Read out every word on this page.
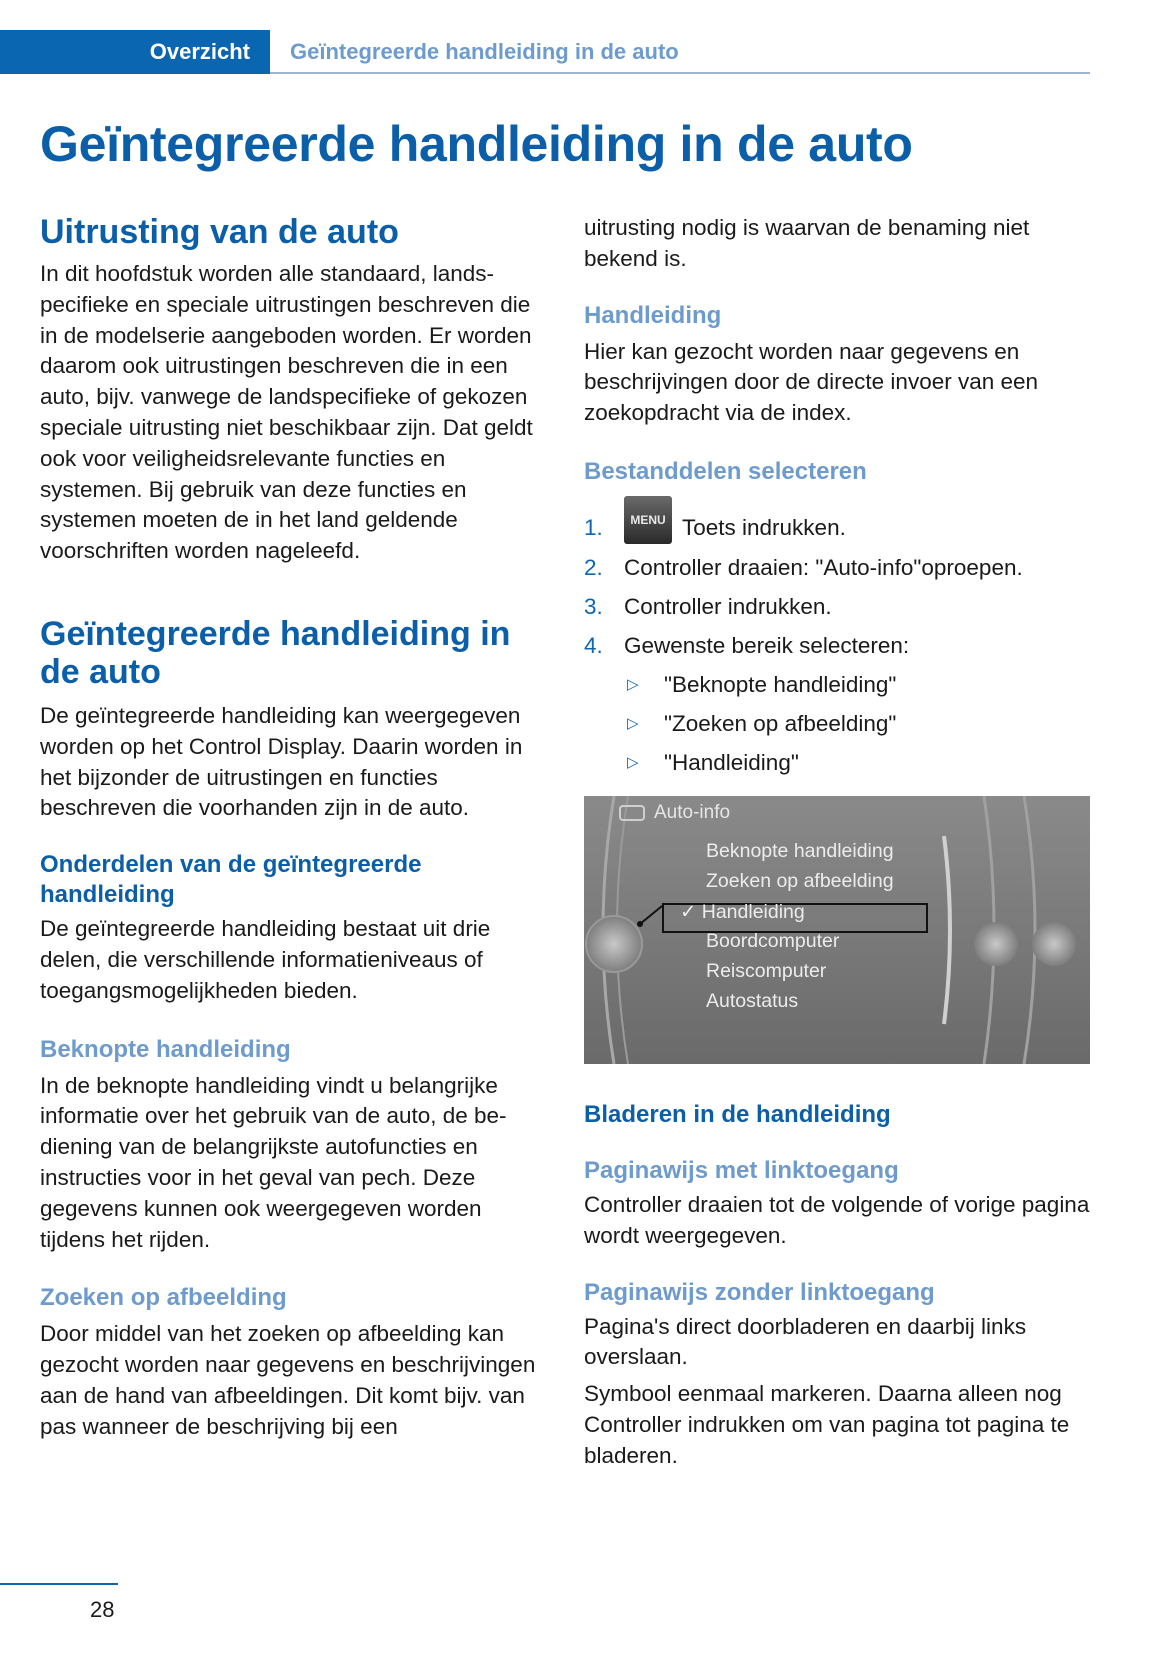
Overzicht	Geïntegreerde handleiding in de auto
Geïntegreerde handleiding in de auto
Uitrusting van de auto

In dit hoofdstuk worden alle standaard, landspecifieke en speciale uitrustingen beschreven die in de modelserie aangeboden worden. Er worden daarom ook uitrustingen beschreven die in een auto, bijv. vanwege de landspecifieke of gekozen speciale uitrusting niet beschikbaar zijn. Dat geldt ook voor veiligheidsrelevante functies en systemen. Bij gebruik van deze functies en systemen moeten de in het land geldende voorschriften worden nageleefd.

Geïntegreerde handleiding in de auto

De geïntegreerde handleiding kan weergegeven worden op het Control Display. Daarin worden in het bijzonder de uitrustingen en functies beschreven die voorhanden zijn in de auto.

Onderdelen van de geïntegreerde handleiding

De geïntegreerde handleiding bestaat uit drie delen, die verschillende informatieniveaus of toegangsmogelijkheden bieden.

Beknopte handleiding

In de beknopte handleiding vindt u belangrijke informatie over het gebruik van de auto, de bediening van de belangrijkste autofuncties en instructies voor in het geval van pech. Deze gegevens kunnen ook weergegeven worden tijdens het rijden.

Zoeken op afbeelding

Door middel van het zoeken op afbeelding kan gezocht worden naar gegevens en beschrijvingen aan de hand van afbeeldingen. Dit komt bijv. van pas wanneer de beschrijving bij een

uitrusting nodig is waarvan de benaming niet bekend is.

Handleiding

Hier kan gezocht worden naar gegevens en beschrijvingen door de directe invoer van een zoekopdracht via de index.

Bestanddelen selecteren
1. MENU Toets indrukken.
2. Controller draaien: "Auto-info"oproepen.
3. Controller indrukken.
4. Gewenste bereik selecteren:
▷ "Beknopte handleiding"
▷ "Zoeken op afbeelding"
▷ "Handleiding"
Auto-info
Beknopte handleiding
Zoeken op afbeelding
✓ Handleiding
Boordcomputer
Reiscomputer
Autostatus
Bladeren in de handleiding
Paginawijs met linktoegang

Controller draaien tot de volgende of vorige pagina wordt weergegeven.

Paginawijs zonder linktoegang

Pagina's direct doorbladeren en daarbij links overslaan.

Symbool eenmaal markeren. Daarna alleen nog Controller indrukken om van pagina tot pagina te bladeren.

28
